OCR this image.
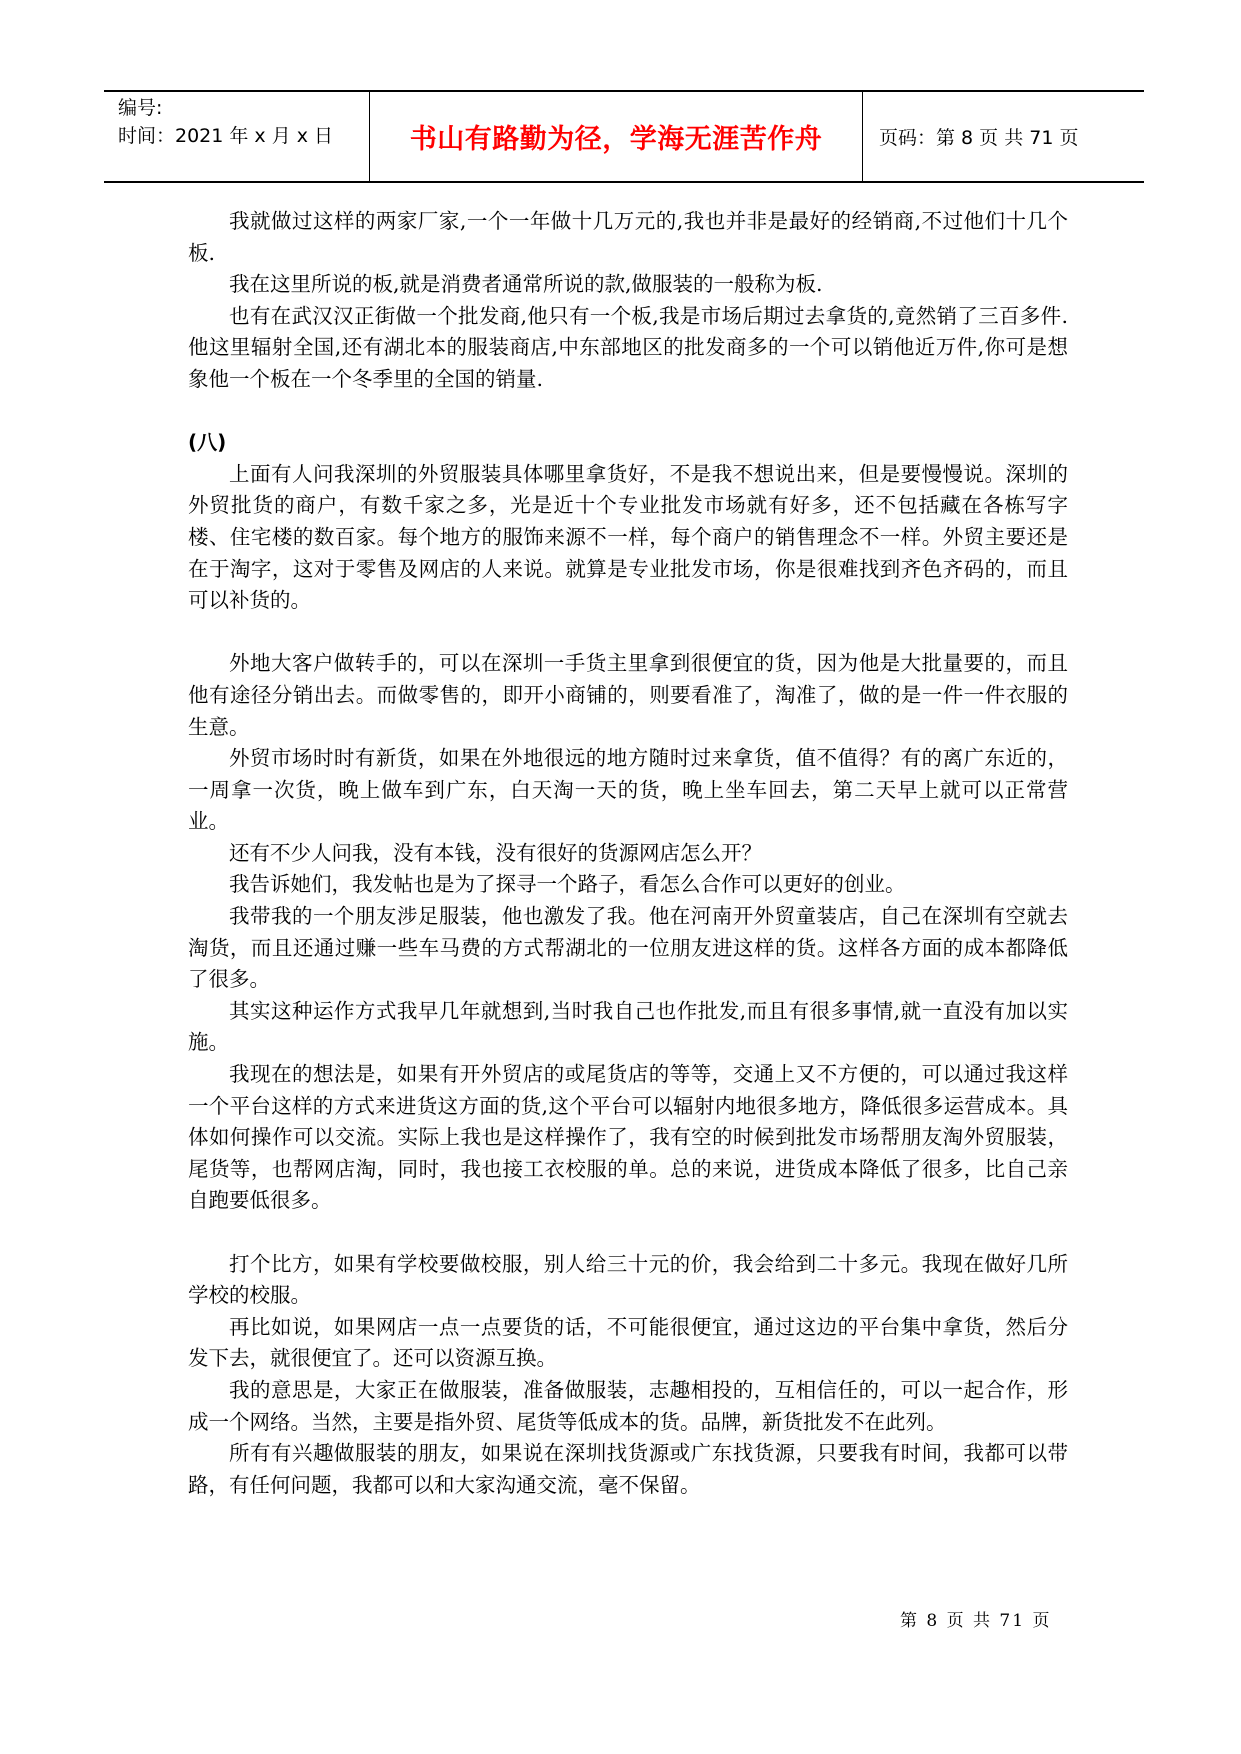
编号:
时间：2021 年 x 月 x 日	书山有路勤为径，学海无涯苦作舟	页码：第 8 页 共 71 页

我就做过这样的两家厂家,一个一年做十几万元的,我也并非是最好的经销商,不过他们十几个板.

我在这里所说的板,就是消费者通常所说的款,做服装的一般称为板.

也有在武汉汉正街做一个批发商,他只有一个板,我是市场后期过去拿货的,竟然销了三百多件.他这里辐射全国,还有湖北本的服装商店,中东部地区的批发商多的一个可以销他近万件,你可是想象他一个板在一个冬季里的全国的销量.

(八)

上面有人问我深圳的外贸服装具体哪里拿货好，不是我不想说出来，但是要慢慢说。深圳的外贸批货的商户，有数千家之多，光是近十个专业批发市场就有好多，还不包括藏在各栋写字楼、住宅楼的数百家。每个地方的服饰来源不一样，每个商户的销售理念不一样。外贸主要还是在于淘字，这对于零售及网店的人来说。就算是专业批发市场，你是很难找到齐色齐码的，而且可以补货的。

外地大客户做转手的，可以在深圳一手货主里拿到很便宜的货，因为他是大批量要的，而且他有途径分销出去。而做零售的，即开小商铺的，则要看准了，淘准了，做的是一件一件衣服的生意。

外贸市场时时有新货，如果在外地很远的地方随时过来拿货，值不值得？有的离广东近的，一周拿一次货，晚上做车到广东，白天淘一天的货，晚上坐车回去，第二天早上就可以正常营业。

还有不少人问我，没有本钱，没有很好的货源网店怎么开？

我告诉她们，我发帖也是为了探寻一个路子，看怎么合作可以更好的创业。

我带我的一个朋友涉足服装，他也激发了我。他在河南开外贸童装店，自己在深圳有空就去淘货，而且还通过赚一些车马费的方式帮湖北的一位朋友进这样的货。这样各方面的成本都降低了很多。

其实这种运作方式我早几年就想到,当时我自己也作批发,而且有很多事情,就一直没有加以实施。

我现在的想法是，如果有开外贸店的或尾货店的等等，交通上又不方便的，可以通过我这样一个平台这样的方式来进货这方面的货,这个平台可以辐射内地很多地方，降低很多运营成本。具体如何操作可以交流。实际上我也是这样操作了，我有空的时候到批发市场帮朋友淘外贸服装，尾货等，也帮网店淘，同时，我也接工衣校服的单。总的来说，进货成本降低了很多，比自己亲自跑要低很多。

打个比方，如果有学校要做校服，别人给三十元的价，我会给到二十多元。我现在做好几所学校的校服。

再比如说，如果网店一点一点要货的话，不可能很便宜，通过这边的平台集中拿货，然后分发下去，就很便宜了。还可以资源互换。

我的意思是，大家正在做服装，准备做服装，志趣相投的，互相信任的，可以一起合作，形成一个网络。当然，主要是指外贸、尾货等低成本的货。品牌，新货批发不在此列。

所有有兴趣做服装的朋友，如果说在深圳找货源或广东找货源，只要我有时间，我都可以带路，有任何问题，我都可以和大家沟通交流，毫不保留。

第 8 页 共 71 页
